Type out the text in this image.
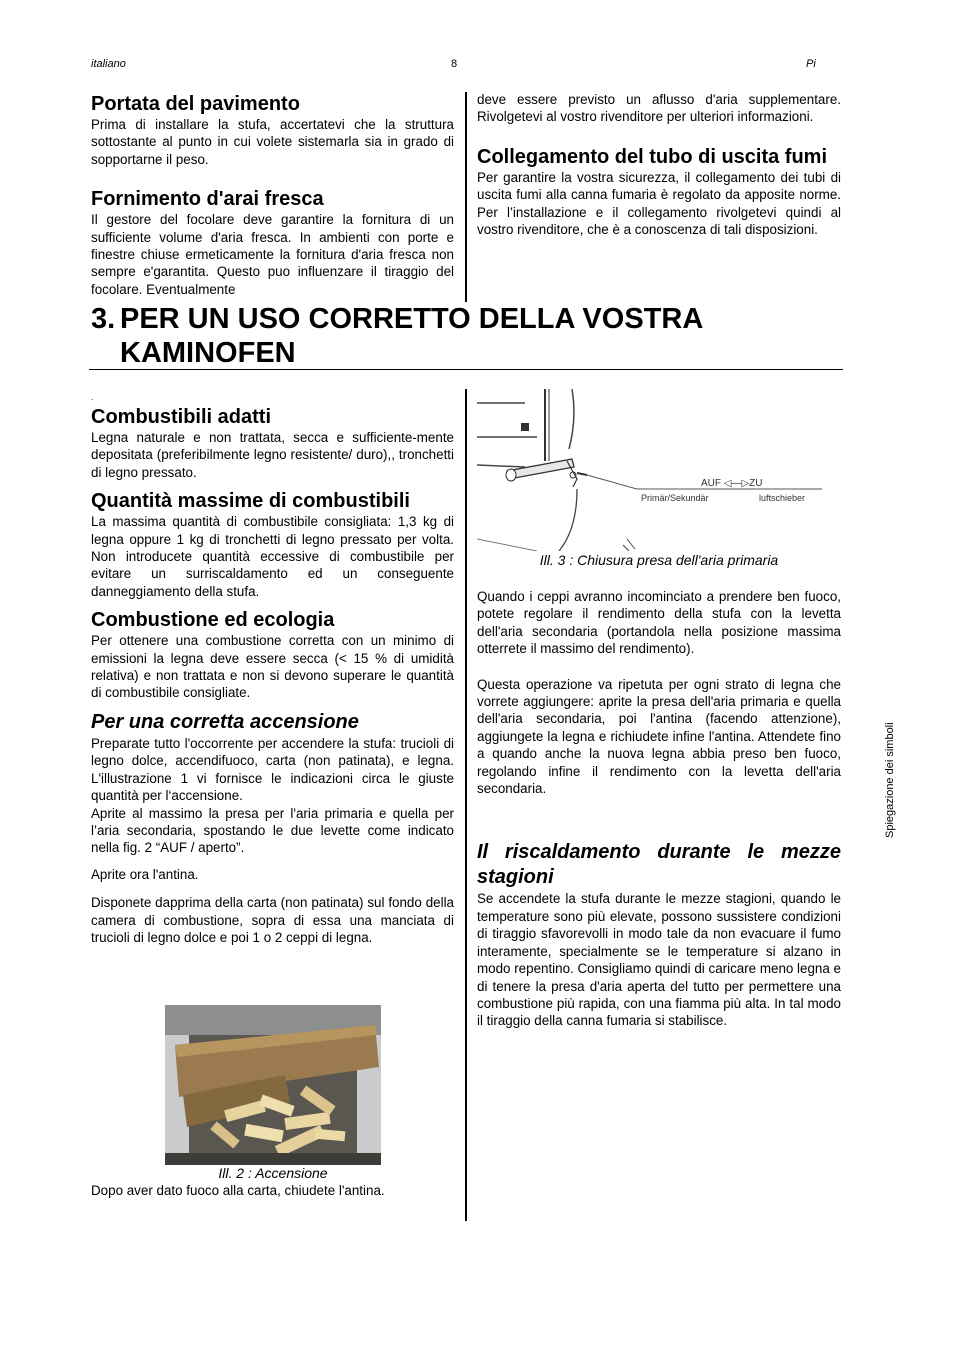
italiano	8	Pi
Portata del pavimento

Prima di installare la stufa, accertatevi che la struttura sottostante al punto in cui volete sistemarla sia in grado di sopportarne il peso.

Fornimento d'arai fresca

Il gestore del focolare deve garantire la fornitura di un sufficiente volume d'aria fresca. In ambienti con porte e finestre chiuse ermeticamente la fornitura d'aria fresca non sempre e'garantita. Questo puo influenzare il tiraggio del focolare. Eventualmente

deve essere previsto un aflusso d'aria supplementare. Rivolgetevi al vostro rivenditore per ulteriori informazioni.

Collegamento del tubo di uscita fumi

Per garantire la vostra sicurezza, il collegamento dei tubi di uscita fumi alla canna fumaria è regolato da apposite norme. Per l’installazione e il collegamento rivolgetevi quindi al vostro rivenditore, che è a conoscenza di tali disposizioni.

3. PER UN USO CORRETTO DELLA VOSTRA
KAMINOFEN
.
Combustibili adatti

Legna naturale e non trattata, secca e sufficiente-mente depositata (preferibilmente legno resistente/ duro),, tronchetti di legno pressato.

Quantità massime di combustibili

La massima quantità di combustibile consigliata: 1,3 kg di legna oppure 1 kg di tronchetti di legno pressato per volta. Non introducete quantità eccessive di combustibile per evitare un surriscaldamento ed un conseguente danneggiamento della stufa.

Combustione ed ecologia

Per ottenere una combustione corretta con un minimo di emissioni la legna deve essere secca (< 15 % di umidità relativa) e non trattata e non si devono superare le quantità di combustibile consigliate.

Per una corretta accensione

Preparate tutto l'occorrente per accendere la stufa: trucioli di legno dolce, accendifuoco, carta (non patinata), e legna. L'illustrazione 1 vi fornisce le indicazioni circa le giuste quantità per l‘accensione.

Aprite al massimo la presa per l'aria primaria e quella per l’aria secondaria, spostando le due levette come indicato nella fig. 2 “AUF / aperto”.

Aprite ora l'antina.

Disponete dapprima della carta (non patinata) sul fondo della camera di combustione, sopra di essa una manciata di trucioli di legno dolce e poi 1 o 2 ceppi di legna.

Ill. 2 : Accensione
Dopo aver dato fuoco alla carta, chiudete l'antina.
AUF ◁—▷ZU
Primär/Sekundär	luftschieber
Ill. 3 : Chiusura presa dell'aria primaria

Quando i ceppi avranno incominciato a prendere ben fuoco, potete regolare il rendimento della stufa con la levetta dell'aria secondaria (portandola nella posizione massima otterrete il massimo del rendimento).

Questa operazione va ripetuta per ogni strato di legna che vorrete aggiungere: aprite la presa dell'aria primaria e quella dell'aria secondaria, poi l'antina (facendo attenzione), aggiungete la legna e richiudete infine l'antina. Attendete fino a quando anche la nuova legna abbia preso ben fuoco, regolando infine il rendimento con la levetta dell'aria secondaria.

Il riscaldamento durante le mezze stagioni

Se accendete la stufa durante le mezze stagioni, quando le temperature sono più elevate, possono sussistere condizioni di tiraggio sfavorevolli in modo tale da non evacuare il fumo interamente, specialmente se le temperature si alzano in modo repentino. Consigliamo quindi di caricare meno legna e di tenere la presa d'aria aperta del tutto per permettere una combustione più rapida, con una fiamma più alta. In tal modo il tiraggio della canna fumaria si stabilisce.

Spiegazione dei simboli
